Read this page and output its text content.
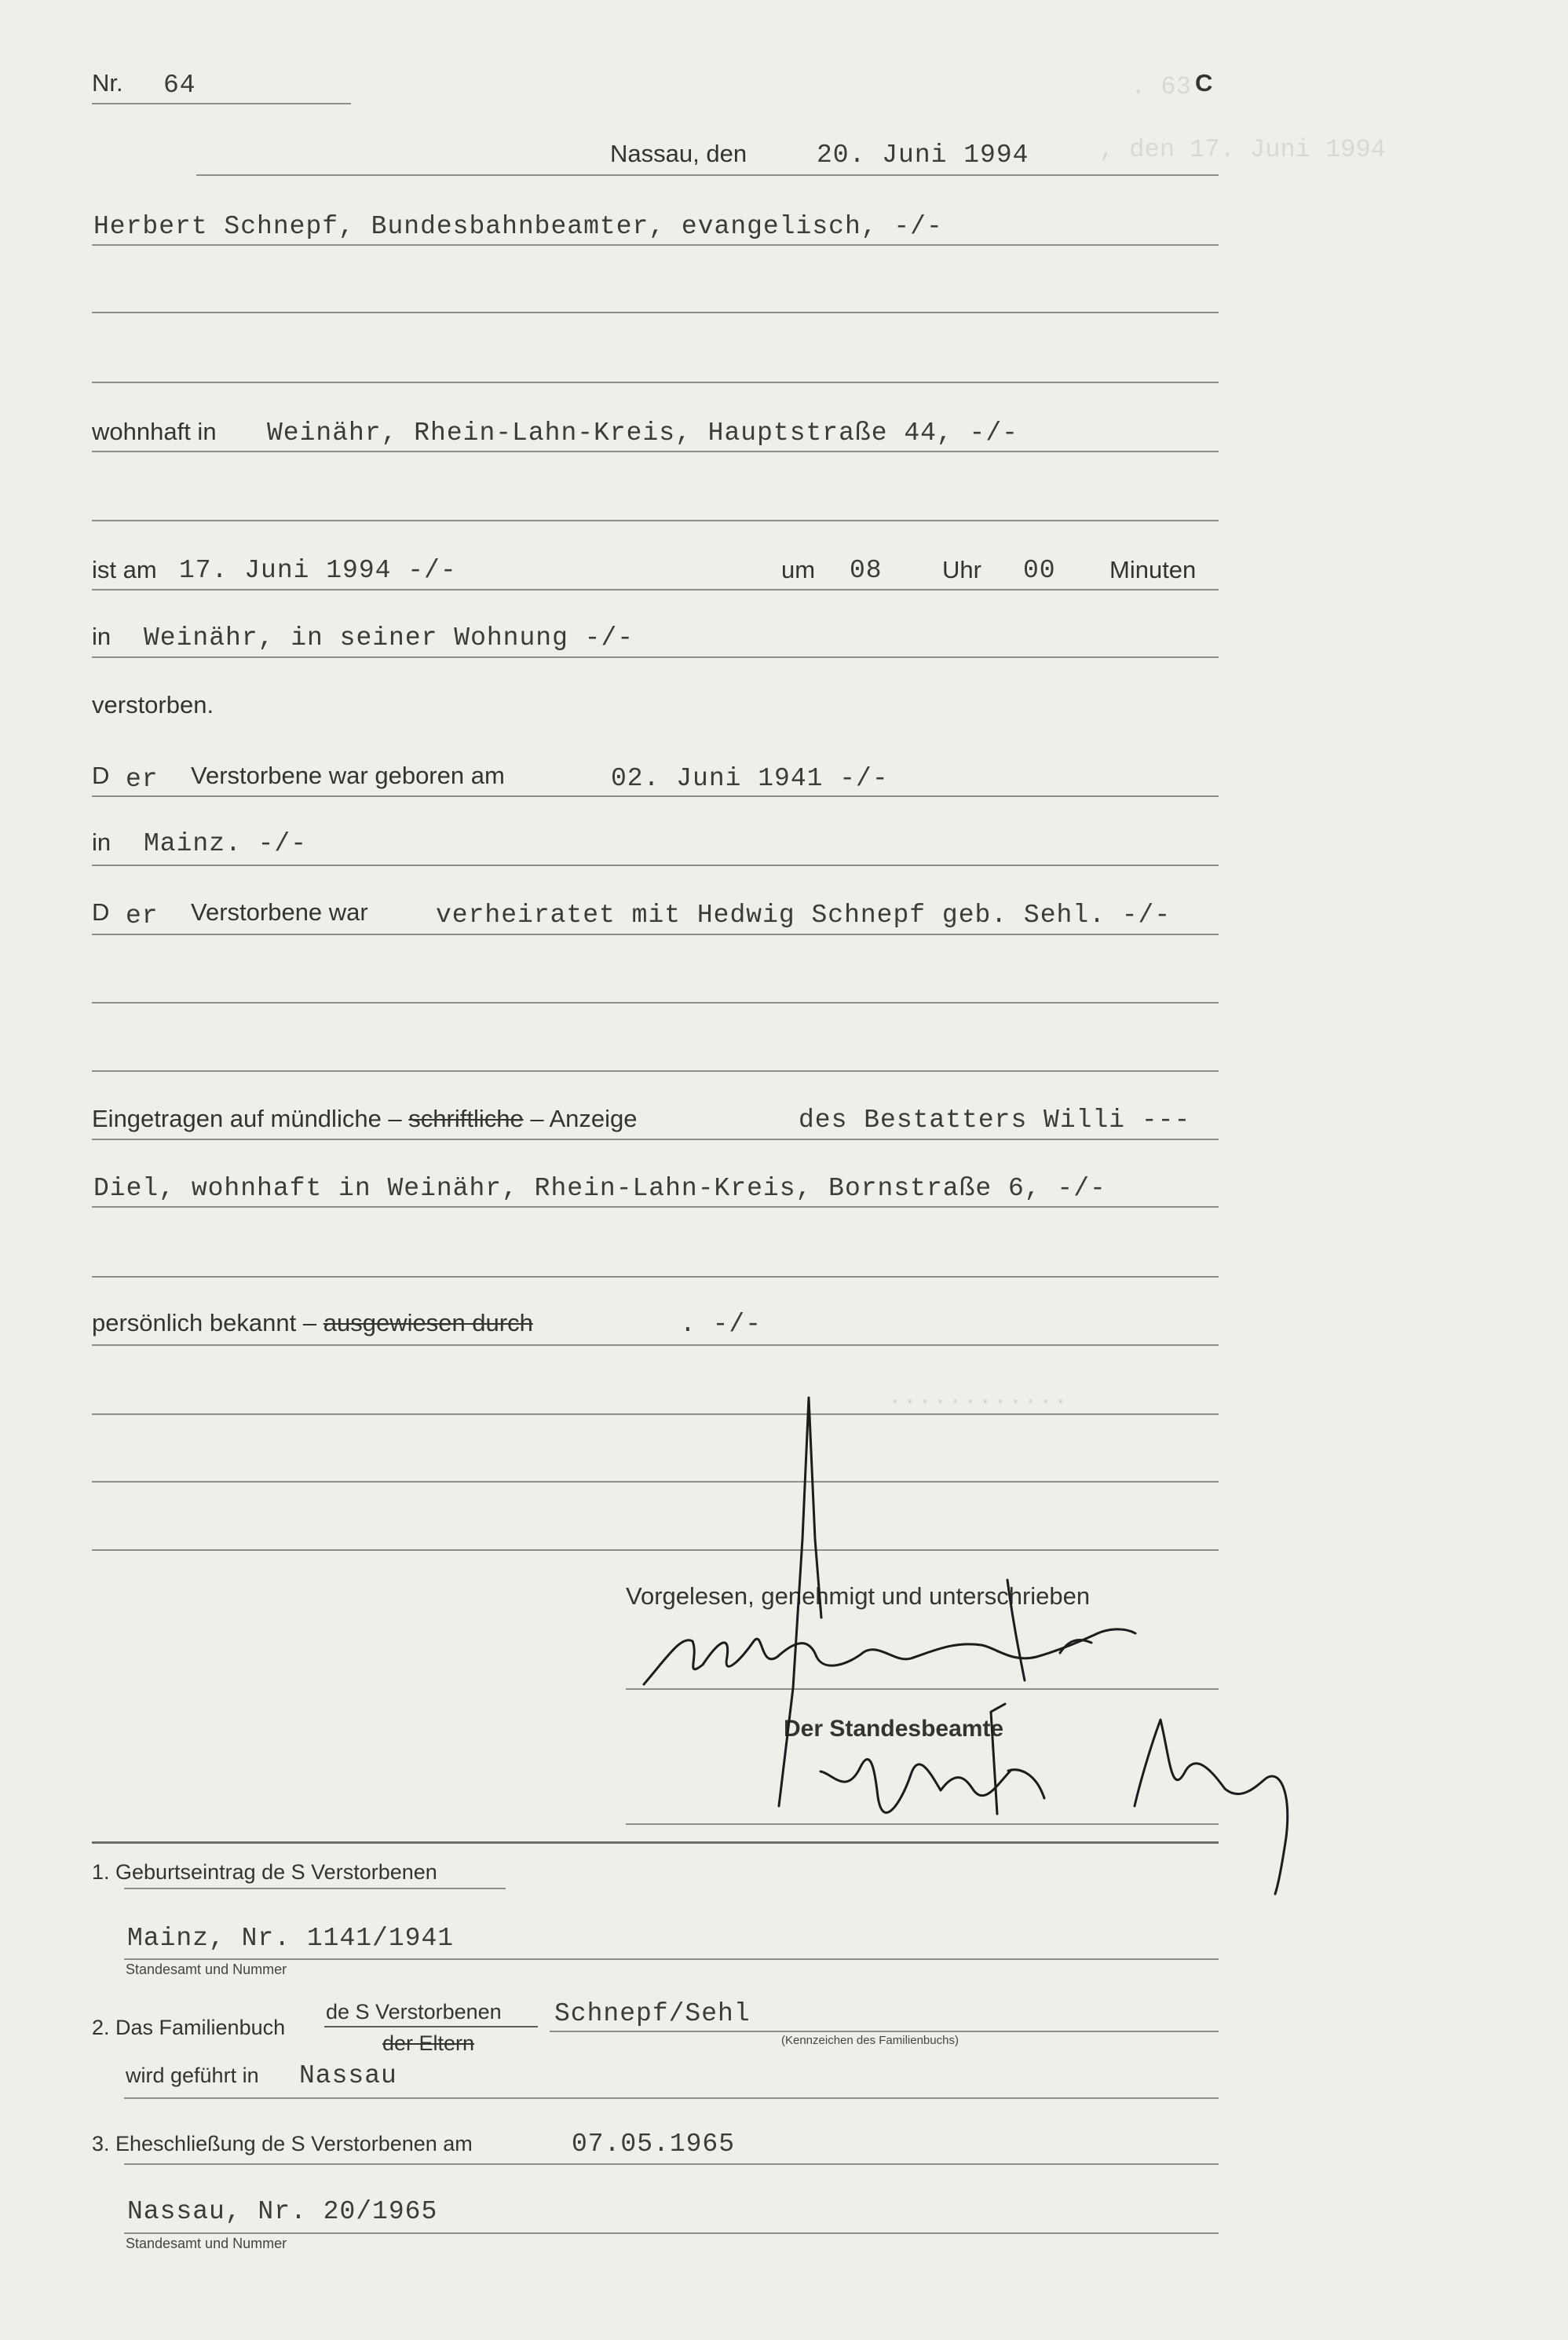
. 63
, den 17. Juni 1994
............
Nr. 64	C
Nassau, den	20. Juni 1994
Herbert Schnepf, Bundesbahnbeamter, evangelisch, -/-
wohnhaft in Weinähr, Rhein-Lahn-Kreis, Hauptstraße 44, -/-
ist am 17. Juni 1994 -/-	um 08 Uhr 00 Minuten
in Weinähr, in seiner Wohnung -/-
verstorben.
D er Verstorbene war geboren am	02. Juni 1941 -/-
in Mainz. -/-
D er Verstorbene war	verheiratet mit Hedwig Schnepf geb. Sehl. -/-
Eingetragen auf mündliche – schriftliche – Anzeige	des Bestatters Willi ---
Diel, wohnhaft in Weinähr, Rhein-Lahn-Kreis, Bornstraße 6, -/-
persönlich bekannt – ausgewiesen durch	. -/-
Vorgelesen, genehmigt und unterschrieben
Der Standesbeamte
1. Geburtseintrag de S Verstorbenen
Mainz, Nr. 1141/1941
Standesamt und Nummer
2. Das Familienbuch
de S Verstorbenen
der Eltern
Schnepf/Sehl
(Kennzeichen des Familienbuchs)
wird geführt in Nassau
3. Eheschließung de S Verstorbenen am	07.05.1965
Nassau, Nr. 20/1965
Standesamt und Nummer
